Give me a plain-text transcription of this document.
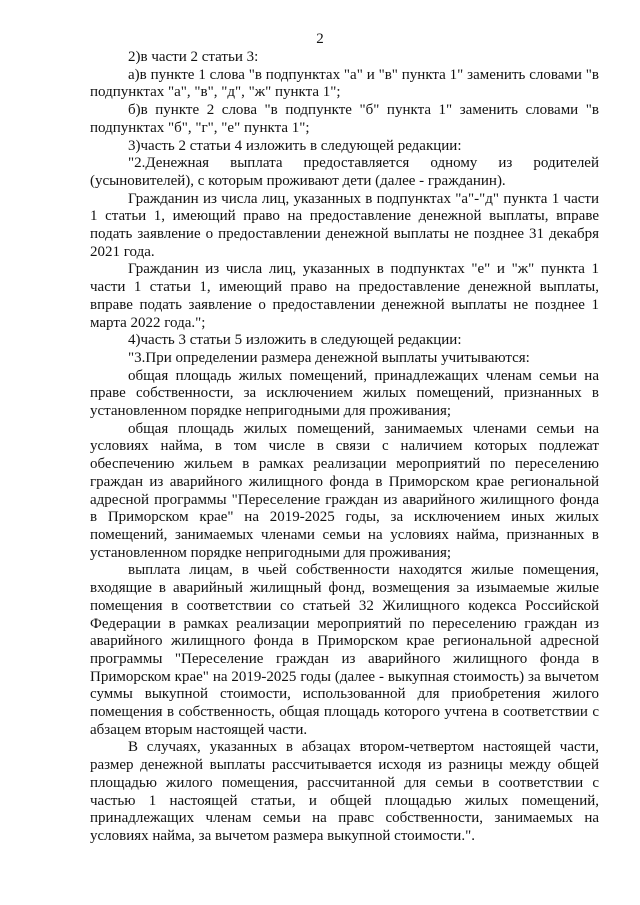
2

2)в части 2 статьи 3:

а)в пункте 1 слова "в подпунктах "а" и "в" пункта 1" заменить словами "в подпунктах "а", "в", "д", "ж" пункта 1";

б)в пункте 2 слова "в подпункте "б" пункта 1" заменить словами "в подпунктах "б", "г", "е" пункта 1";

3)часть 2 статьи 4 изложить в следующей редакции:

"2.Денежная выплата предоставляется одному из родителей (усыновителей), с которым проживают дети (далее - гражданин).

Гражданин из числа лиц, указанных в подпунктах "а"-"д" пункта 1 части 1 статьи 1, имеющий право на предоставление денежной выплаты, вправе подать заявление о предоставлении денежной выплаты не позднее 31 декабря 2021 года.

Гражданин из числа лиц, указанных в подпунктах "е" и "ж" пункта 1 части 1 статьи 1, имеющий право на предоставление денежной выплаты, вправе подать заявление о предоставлении денежной выплаты не позднее 1 марта 2022 года.";

4)часть 3 статьи 5 изложить в следующей редакции:

"3.При определении размера денежной выплаты учитываются:

общая площадь жилых помещений, принадлежащих членам семьи на праве собственности, за исключением жилых помещений, признанных в установленном порядке непригодными для проживания;

общая площадь жилых помещений, занимаемых членами семьи на условиях найма, в том числе в связи с наличием которых подлежат обеспечению жильем в рамках реализации мероприятий по переселению граждан из аварийного жилищного фонда в Приморском крае региональной адресной программы "Переселение граждан из аварийного жилищного фонда в Приморском крае" на 2019-2025 годы, за исключением иных жилых помещений, занимаемых членами семьи на условиях найма, признанных в установленном порядке непригодными для проживания;

выплата лицам, в чьей собственности находятся жилые помещения, входящие в аварийный жилищный фонд, возмещения за изымаемые жилые помещения в соответствии со статьей 32 Жилищного кодекса Российской Федерации в рамках реализации мероприятий по переселению граждан из аварийного жилищного фонда в Приморском крае региональной адресной программы "Переселение граждан из аварийного жилищного фонда в Приморском крае" на 2019-2025 годы (далее - выкупная стоимость) за вычетом суммы выкупной стоимости, использованной для приобретения жилого помещения в собственность, общая площадь которого учтена в соответствии с абзацем вторым настоящей части.

В случаях, указанных в абзацах втором-четвертом настоящей части, размер денежной выплаты рассчитывается исходя из разницы между общей площадью жилого помещения, рассчитанной для семьи в соответствии с частью 1 настоящей статьи, и общей площадью жилых помещений, принадлежащих членам семьи на правс собственности, занимаемых на условиях найма, за вычетом размера выкупной стоимости.".
